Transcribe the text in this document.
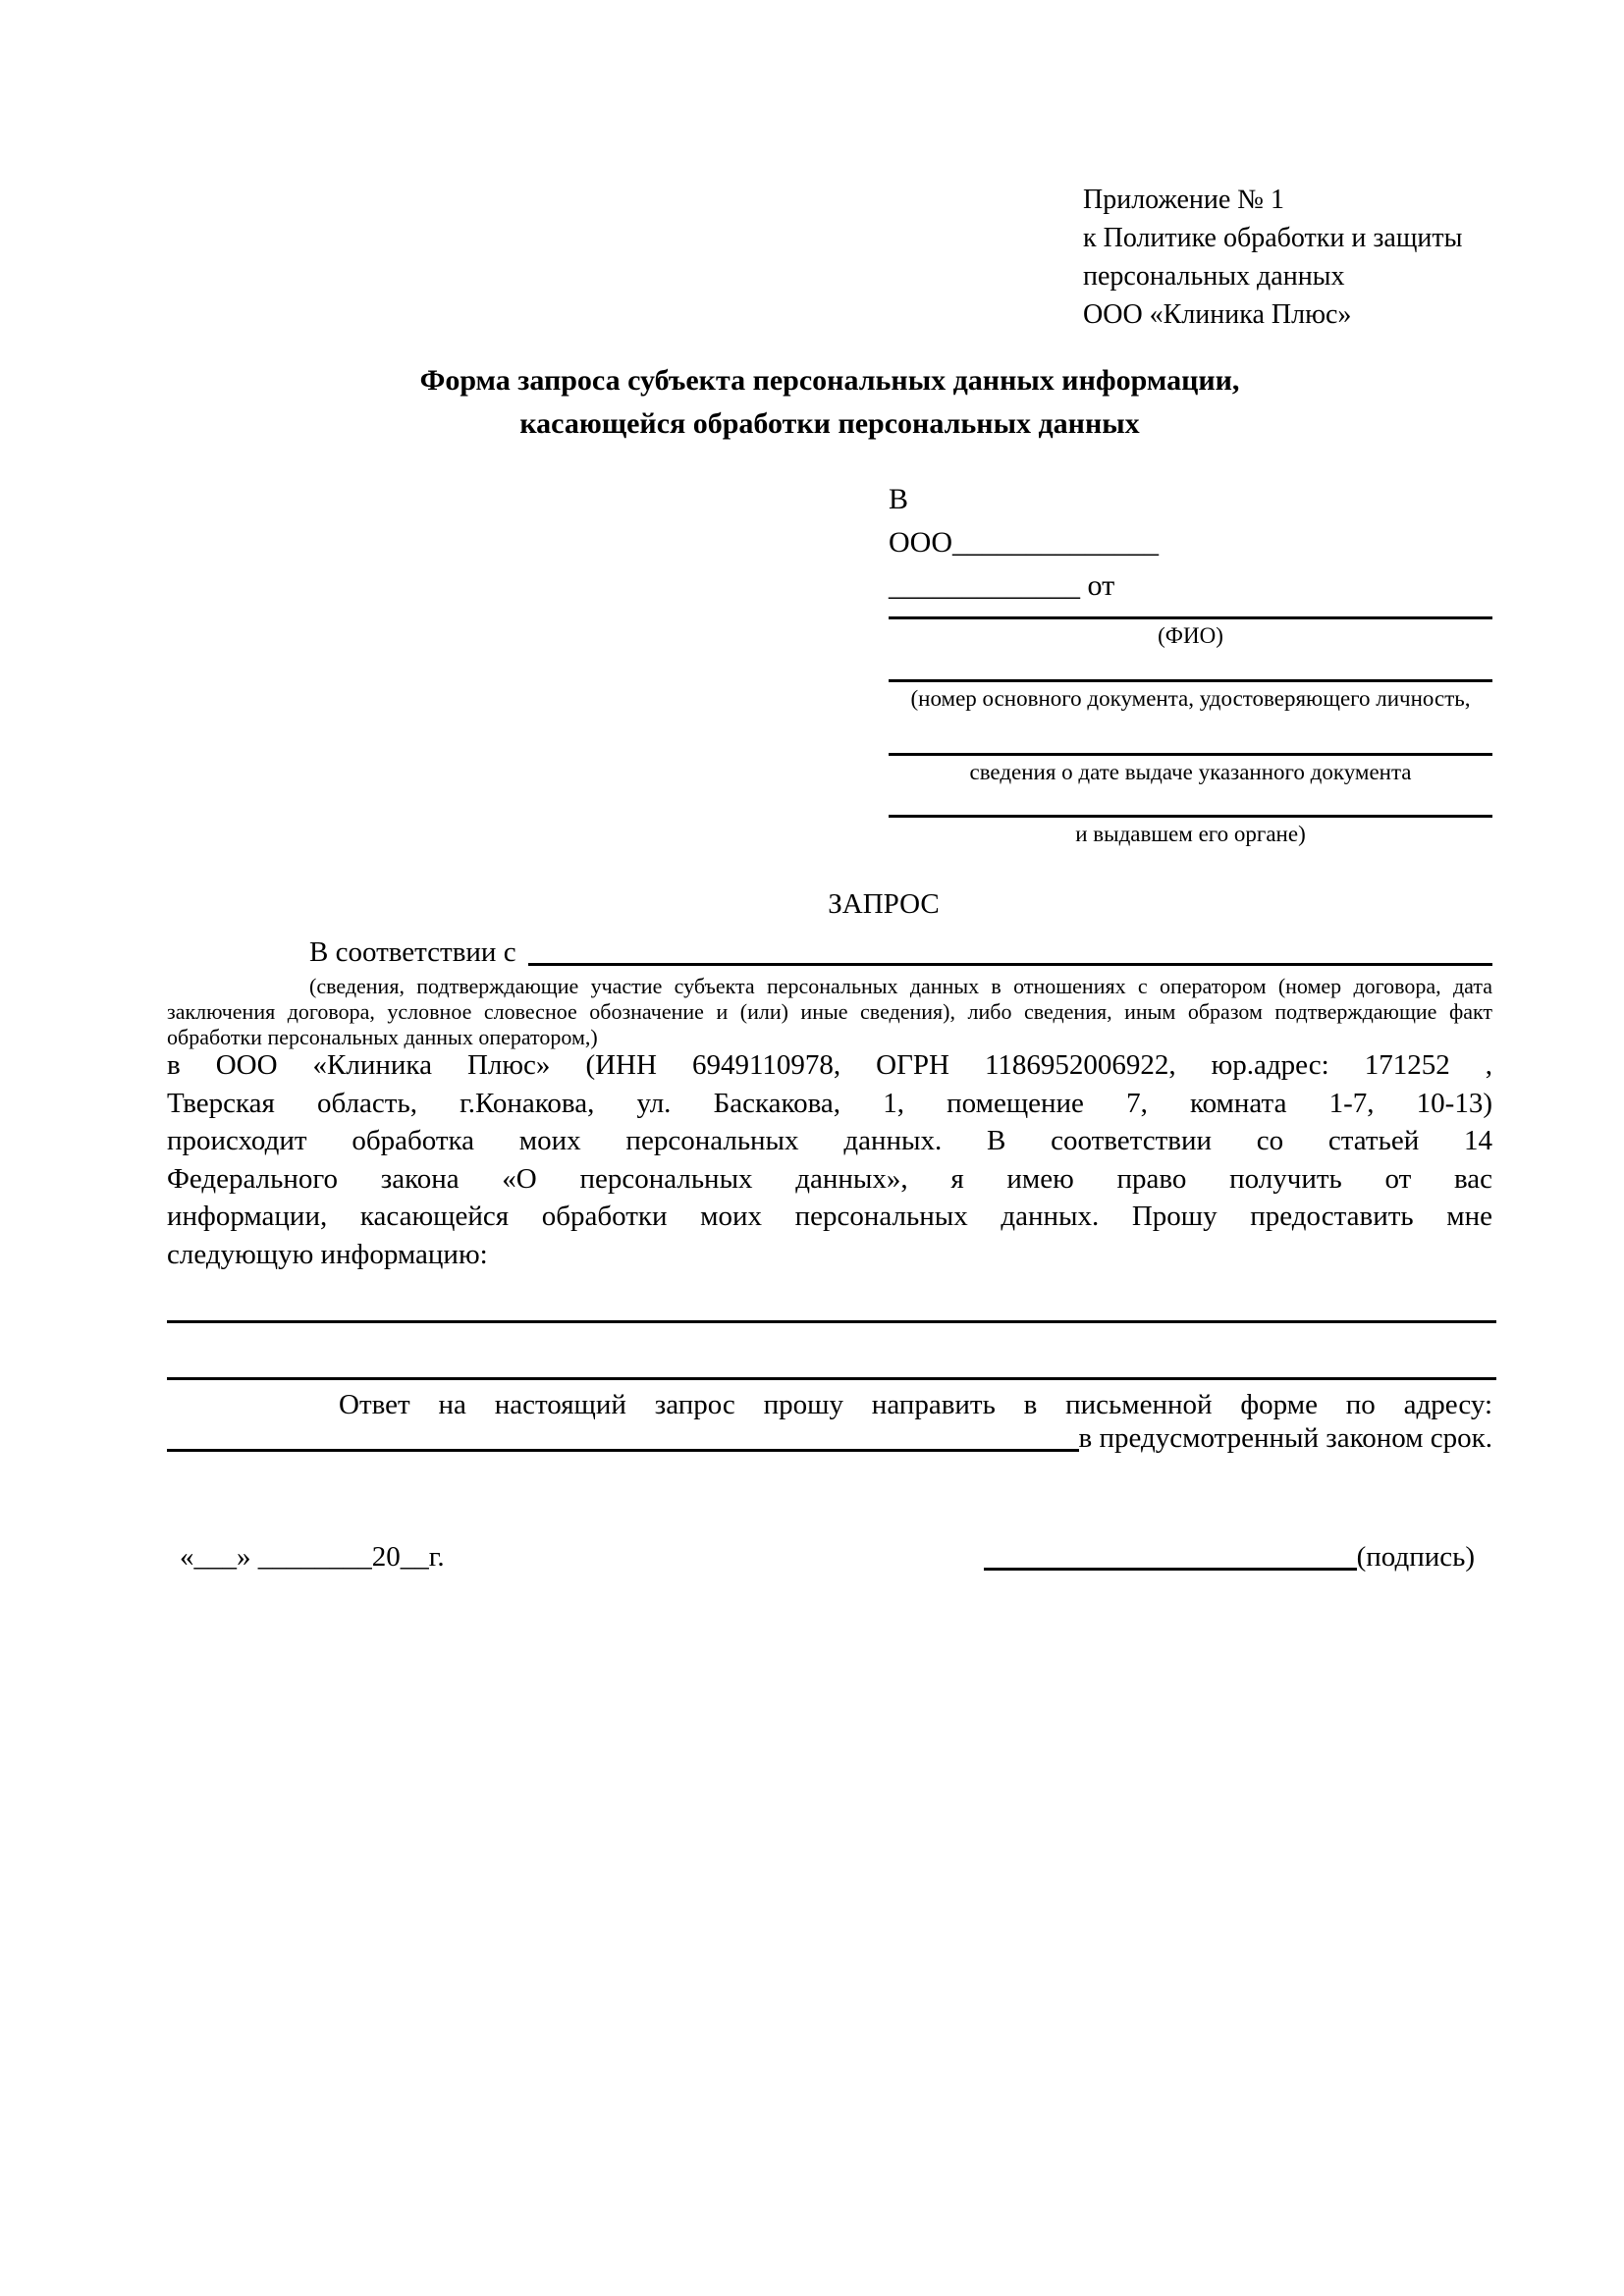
Приложение № 1
к Политике обработки и защиты
персональных данных
ООО «Клиника Плюс»
Форма запроса субъекта персональных данных информации,
касающейся обработки персональных данных
В
ООО______________
_____________ от
(ФИО)
(номер основного документа, удостоверяющего личность,
сведения о дате выдаче указанного документа
и выдавшем его органе)
ЗАПРОС
В соответствии с
(сведения, подтверждающие участие субъекта персональных данных в отношениях с оператором (номер договора, дата
заключения договора, условное словесное обозначение и (или) иные сведения), либо сведения, иным образом подтверждающие факт
обработки персональных данных оператором,)
в ООО «Клиника Плюс» (ИНН 6949110978, ОГРН 1186952006922, юр.адрес: 171252 ,
Тверская область, г.Конакова, ул. Баскакова, 1, помещение 7, комната 1-7, 10-13)
происходит обработка моих персональных данных. В соответствии со статьей 14
Федерального закона «О персональных данных», я имею право получить от вас
информации, касающейся обработки моих персональных данных. Прошу предоставить мне
следующую информацию:
Ответ на настоящий запрос прошу направить в письменной форме по адресу:
в предусмотренный законом срок.
«___» ________20__г.	(подпись)
